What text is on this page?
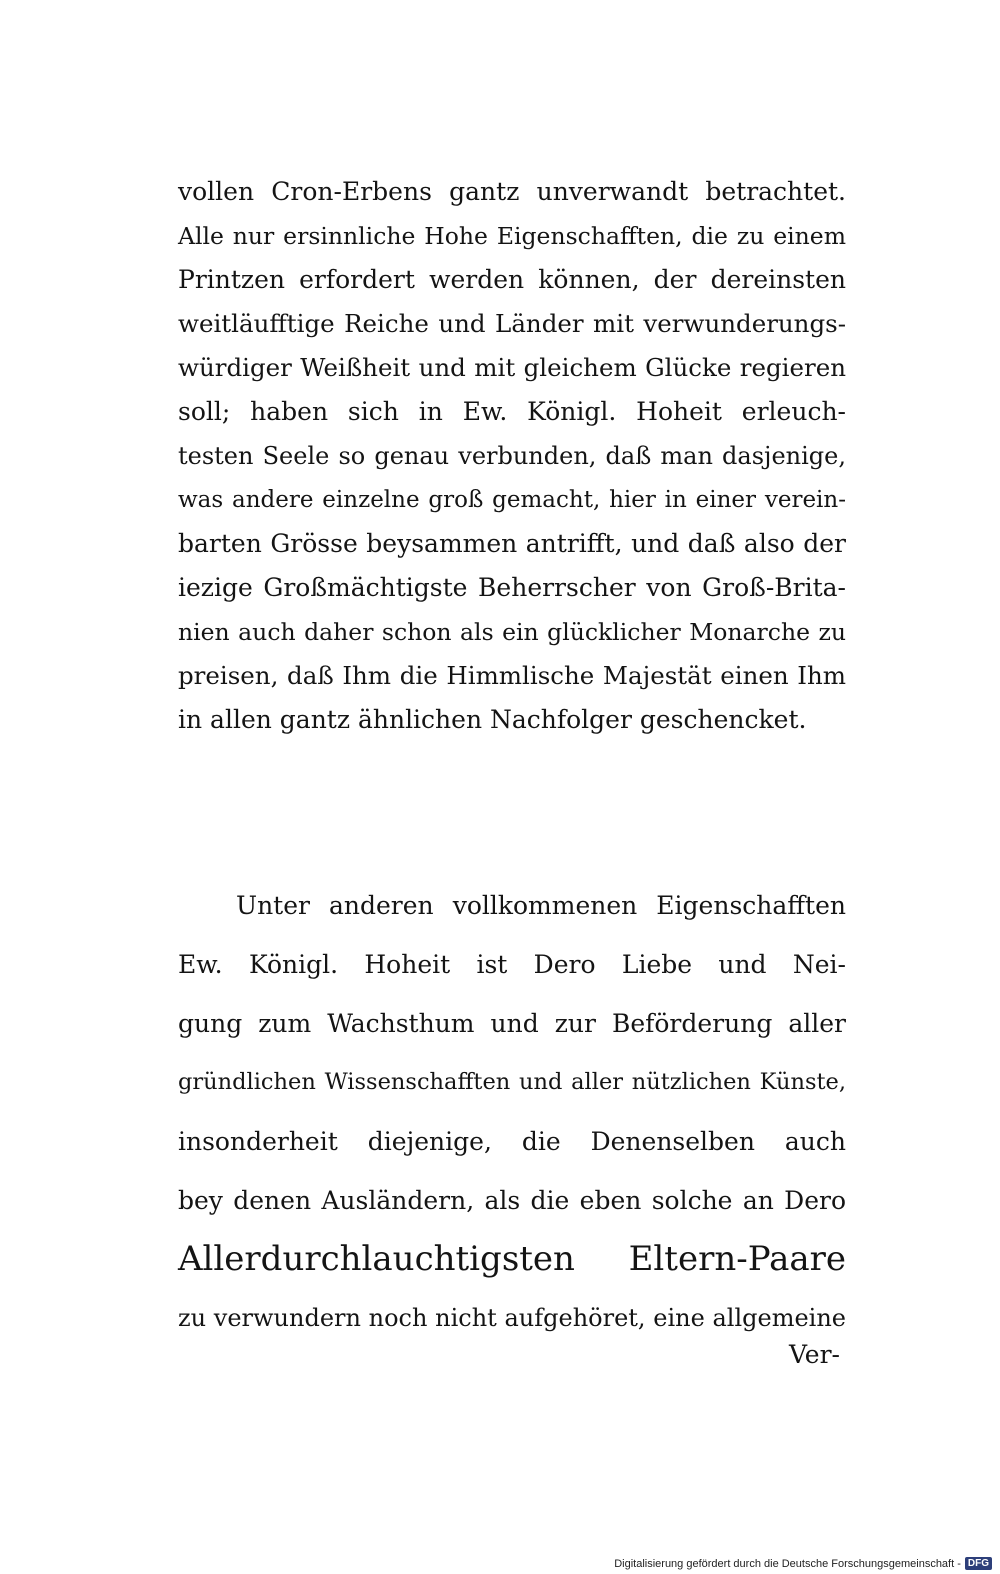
vollen Cron-Erbens gantz unverwandt betrachtet.
Alle nur ersinnliche Hohe Eigenschafften, die zu einem
Printzen erfordert werden können, der dereinsten
weitläufftige Reiche und Länder mit verwunderungs-
würdiger Weißheit und mit gleichem Glücke regieren
soll; haben sich in Ew. Königl. Hoheit erleuch-
testen Seele so genau verbunden, daß man dasjenige,
was andere einzelne groß gemacht, hier in einer verein-
barten Grösse beysammen antrifft, und daß also der
iezige Großmächtigste Beherrscher von Groß-Brita-
nien auch daher schon als ein glücklicher Monarche zu
preisen, daß Ihm die Himmlische Majestät einen Ihm
in allen gantz ähnlichen Nachfolger geschencket.
Unter anderen vollkommenen Eigenschafften
Ew. Königl. Hoheit ist Dero Liebe und Nei-
gung zum Wachsthum und zur Beförderung aller
gründlichen Wissenschafften und aller nützlichen Künste,
insonderheit diejenige, die Denenselben auch
bey denen Ausländern, als die eben solche an Dero
Allerdurchlauchtigsten Eltern-Paare
zu verwundern noch nicht aufgehöret, eine allgemeine
Ver-
Digitalisierung gefördert durch die Deutsche Forschungsgemeinschaft - DFG
